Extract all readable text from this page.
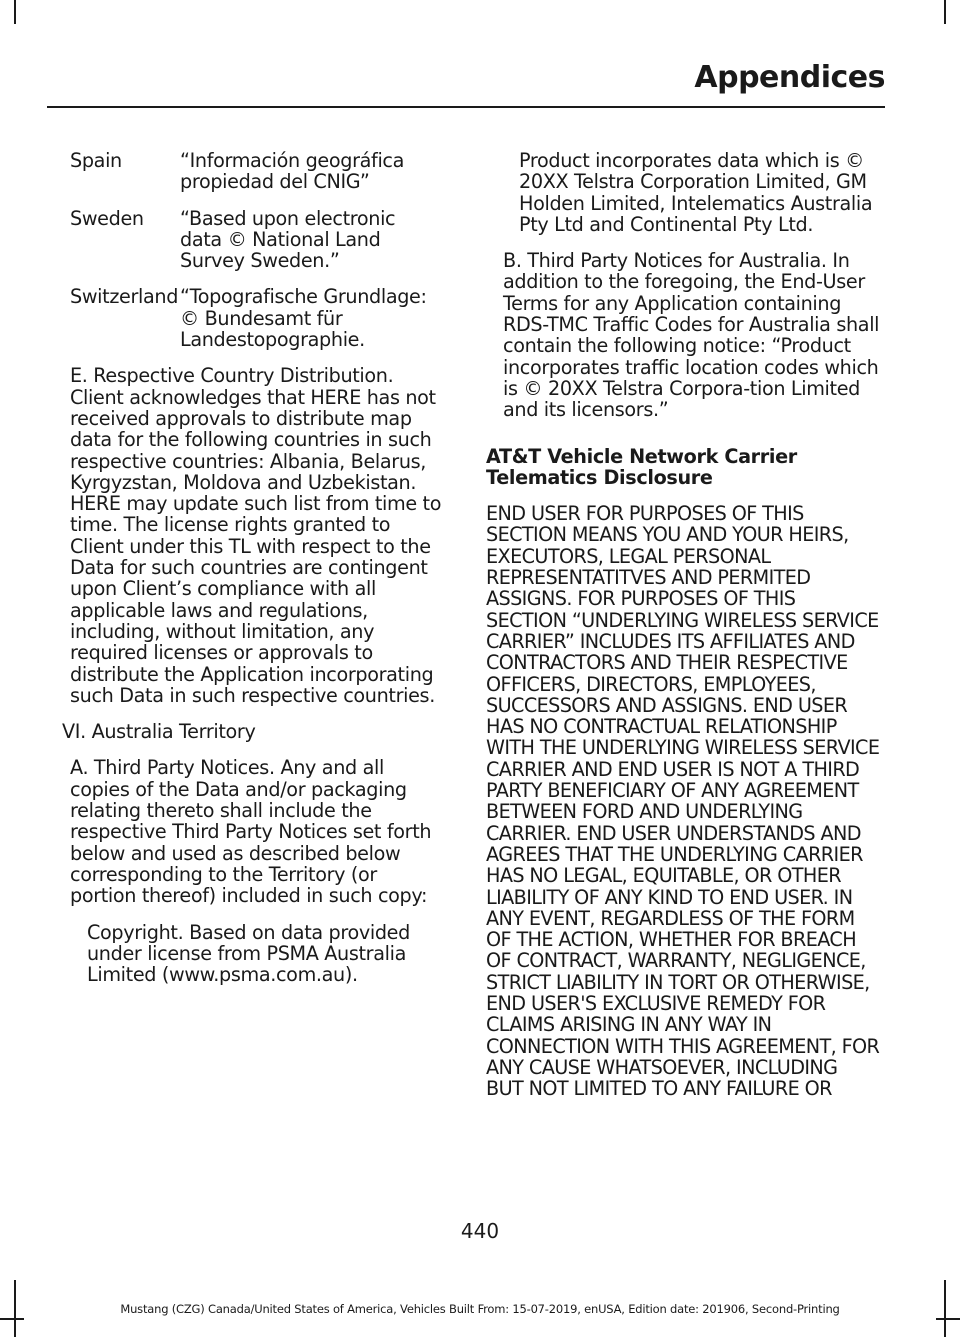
Appendices
Spain	“Información geográfica propiedad del CNIG”
Sweden	“Based upon electronic data © National Land Survey Sweden.”
Switzerland “Topografische Grundlage: © Bundesamt für Landestopographie.

E. Respective Country Distribution. Client acknowledges that HERE has not received approvals to distribute map data for the following countries in such respective countries: Albania, Belarus, Kyrgyzstan, Moldova and Uzbekistan. HERE may update such list from time to time. The license rights granted to Client under this TL with respect to the Data for such countries are contingent upon Client’s compliance with all applicable laws and regulations, including, without limitation, any required licenses or approvals to distribute the Application incorporating such Data in such respective countries.

VI. Australia Territory

A. Third Party Notices. Any and all copies of the Data and/or packaging relating thereto shall include the respective Third Party Notices set forth below and used as described below corresponding to the Territory (or portion thereof) included in such copy:

Copyright. Based on data provided under license from PSMA Australia Limited (www.psma.com.au).

Product incorporates data which is © 20XX Telstra Corporation Limited, GM Holden Limited, Intelematics Australia Pty Ltd and Continental Pty Ltd.

B. Third Party Notices for Australia. In addition to the foregoing, the End-User Terms for any Application containing RDS-TMC Traffic Codes for Australia shall contain the following notice: “Product incorporates traffic location codes which is © 20XX Telstra Corpora-tion Limited and its licensors.”

AT&T Vehicle Network Carrier Telematics Disclosure

END USER FOR PURPOSES OF THIS SECTION MEANS YOU AND YOUR HEIRS, EXECUTORS, LEGAL PERSONAL REPRESENTATITVES AND PERMITED ASSIGNS. FOR PURPOSES OF THIS SECTION “UNDERLYING WIRELESS SERVICE CARRIER” INCLUDES ITS AFFILIATES AND CONTRACTORS AND THEIR RESPECTIVE OFFICERS, DIRECTORS, EMPLOYEES, SUCCESSORS AND ASSIGNS. END USER HAS NO CONTRACTUAL RELATIONSHIP WITH THE UNDERLYING WIRELESS SERVICE CARRIER AND END USER IS NOT A THIRD PARTY BENEFICIARY OF ANY AGREEMENT BETWEEN FORD AND UNDERLYING CARRIER. END USER UNDERSTANDS AND AGREES THAT THE UNDERLYING CARRIER HAS NO LEGAL, EQUITABLE, OR OTHER LIABILITY OF ANY KIND TO END USER. IN ANY EVENT, REGARDLESS OF THE FORM OF THE ACTION, WHETHER FOR BREACH OF CONTRACT, WARRANTY, NEGLIGENCE, STRICT LIABILITY IN TORT OR OTHERWISE, END USER'S EXCLUSIVE REMEDY FOR CLAIMS ARISING IN ANY WAY IN CONNECTION WITH THIS AGREEMENT, FOR ANY CAUSE WHATSOEVER, INCLUDING BUT NOT LIMITED TO ANY FAILURE OR

440
Mustang (CZG) Canada/United States of America, Vehicles Built From: 15-07-2019, enUSA, Edition date: 201906, Second-Printing
